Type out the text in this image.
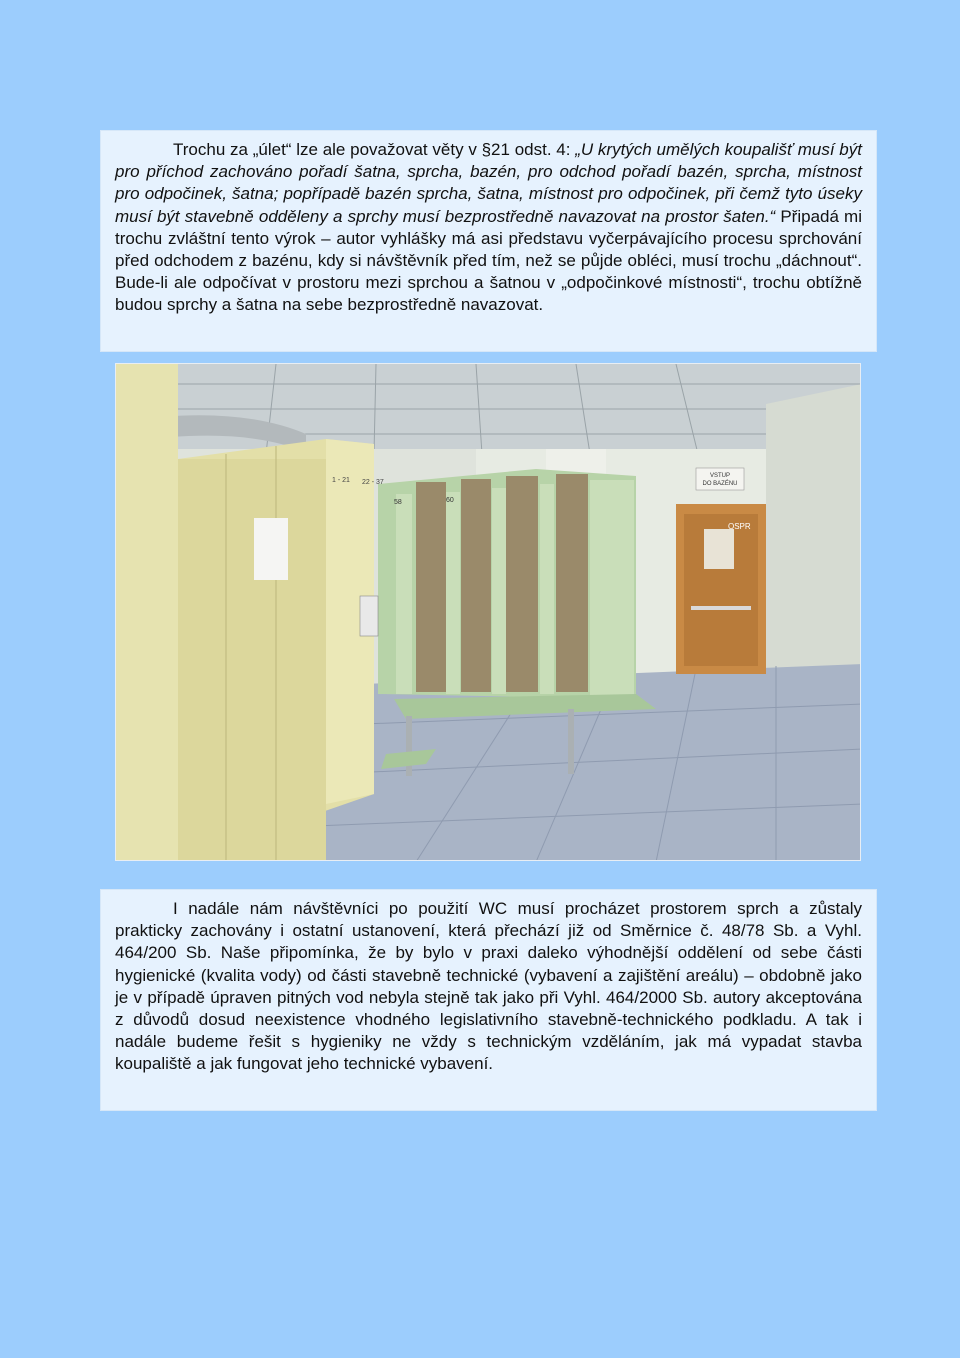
Trochu za „úlet“ lze ale považovat věty v §21 odst. 4: „U krytých umělých koupališť musí být pro příchod zachováno pořadí šatna, sprcha, bazén, pro odchod pořadí bazén, sprcha, místnost pro odpočinek, šatna; popřípadě bazén sprcha, šatna, místnost pro odpočinek, při čemž tyto úseky musí být stavebně odděleny a sprchy musí bezprostředně navazovat na prostor šaten.“ Připadá mi trochu zvláštní tento výrok – autor vyhlášky má asi představu vyčerpávajícího procesu sprchování před odchodem z bazénu, kdy si návštěvník před tím, než se půjde obléci, musí trochu „dáchnout“. Bude-li ale odpočívat v prostoru mezi sprchou a šatnou v „odpočinkové místnosti“, trochu obtížně budou sprchy a šatna na sebe bezprostředně navazovat.
OSPR
VSTUP
DO BAZÉNU
58	60
1 - 21 22 - 37
I nadále nám návštěvníci po použití WC musí procházet prostorem sprch a zůstaly prakticky zachovány i ostatní ustanovení, která přechází již od Směrnice č. 48/78 Sb. a Vyhl. 464/200 Sb. Naše připomínka, že by bylo v praxi daleko výhodnější oddělení od sebe části hygienické (kvalita vody) od části stavebně technické (vybavení a zajištění areálu) – obdobně jako je v případě úpraven pitných vod nebyla stejně tak jako při Vyhl. 464/2000 Sb. autory akceptována z důvodů dosud neexistence vhodného legislativního stavebně-technického podkladu. A tak i nadále budeme řešit s hygieniky ne vždy s technickým vzděláním, jak má vypadat stavba koupaliště a jak fungovat jeho technické vybavení.
